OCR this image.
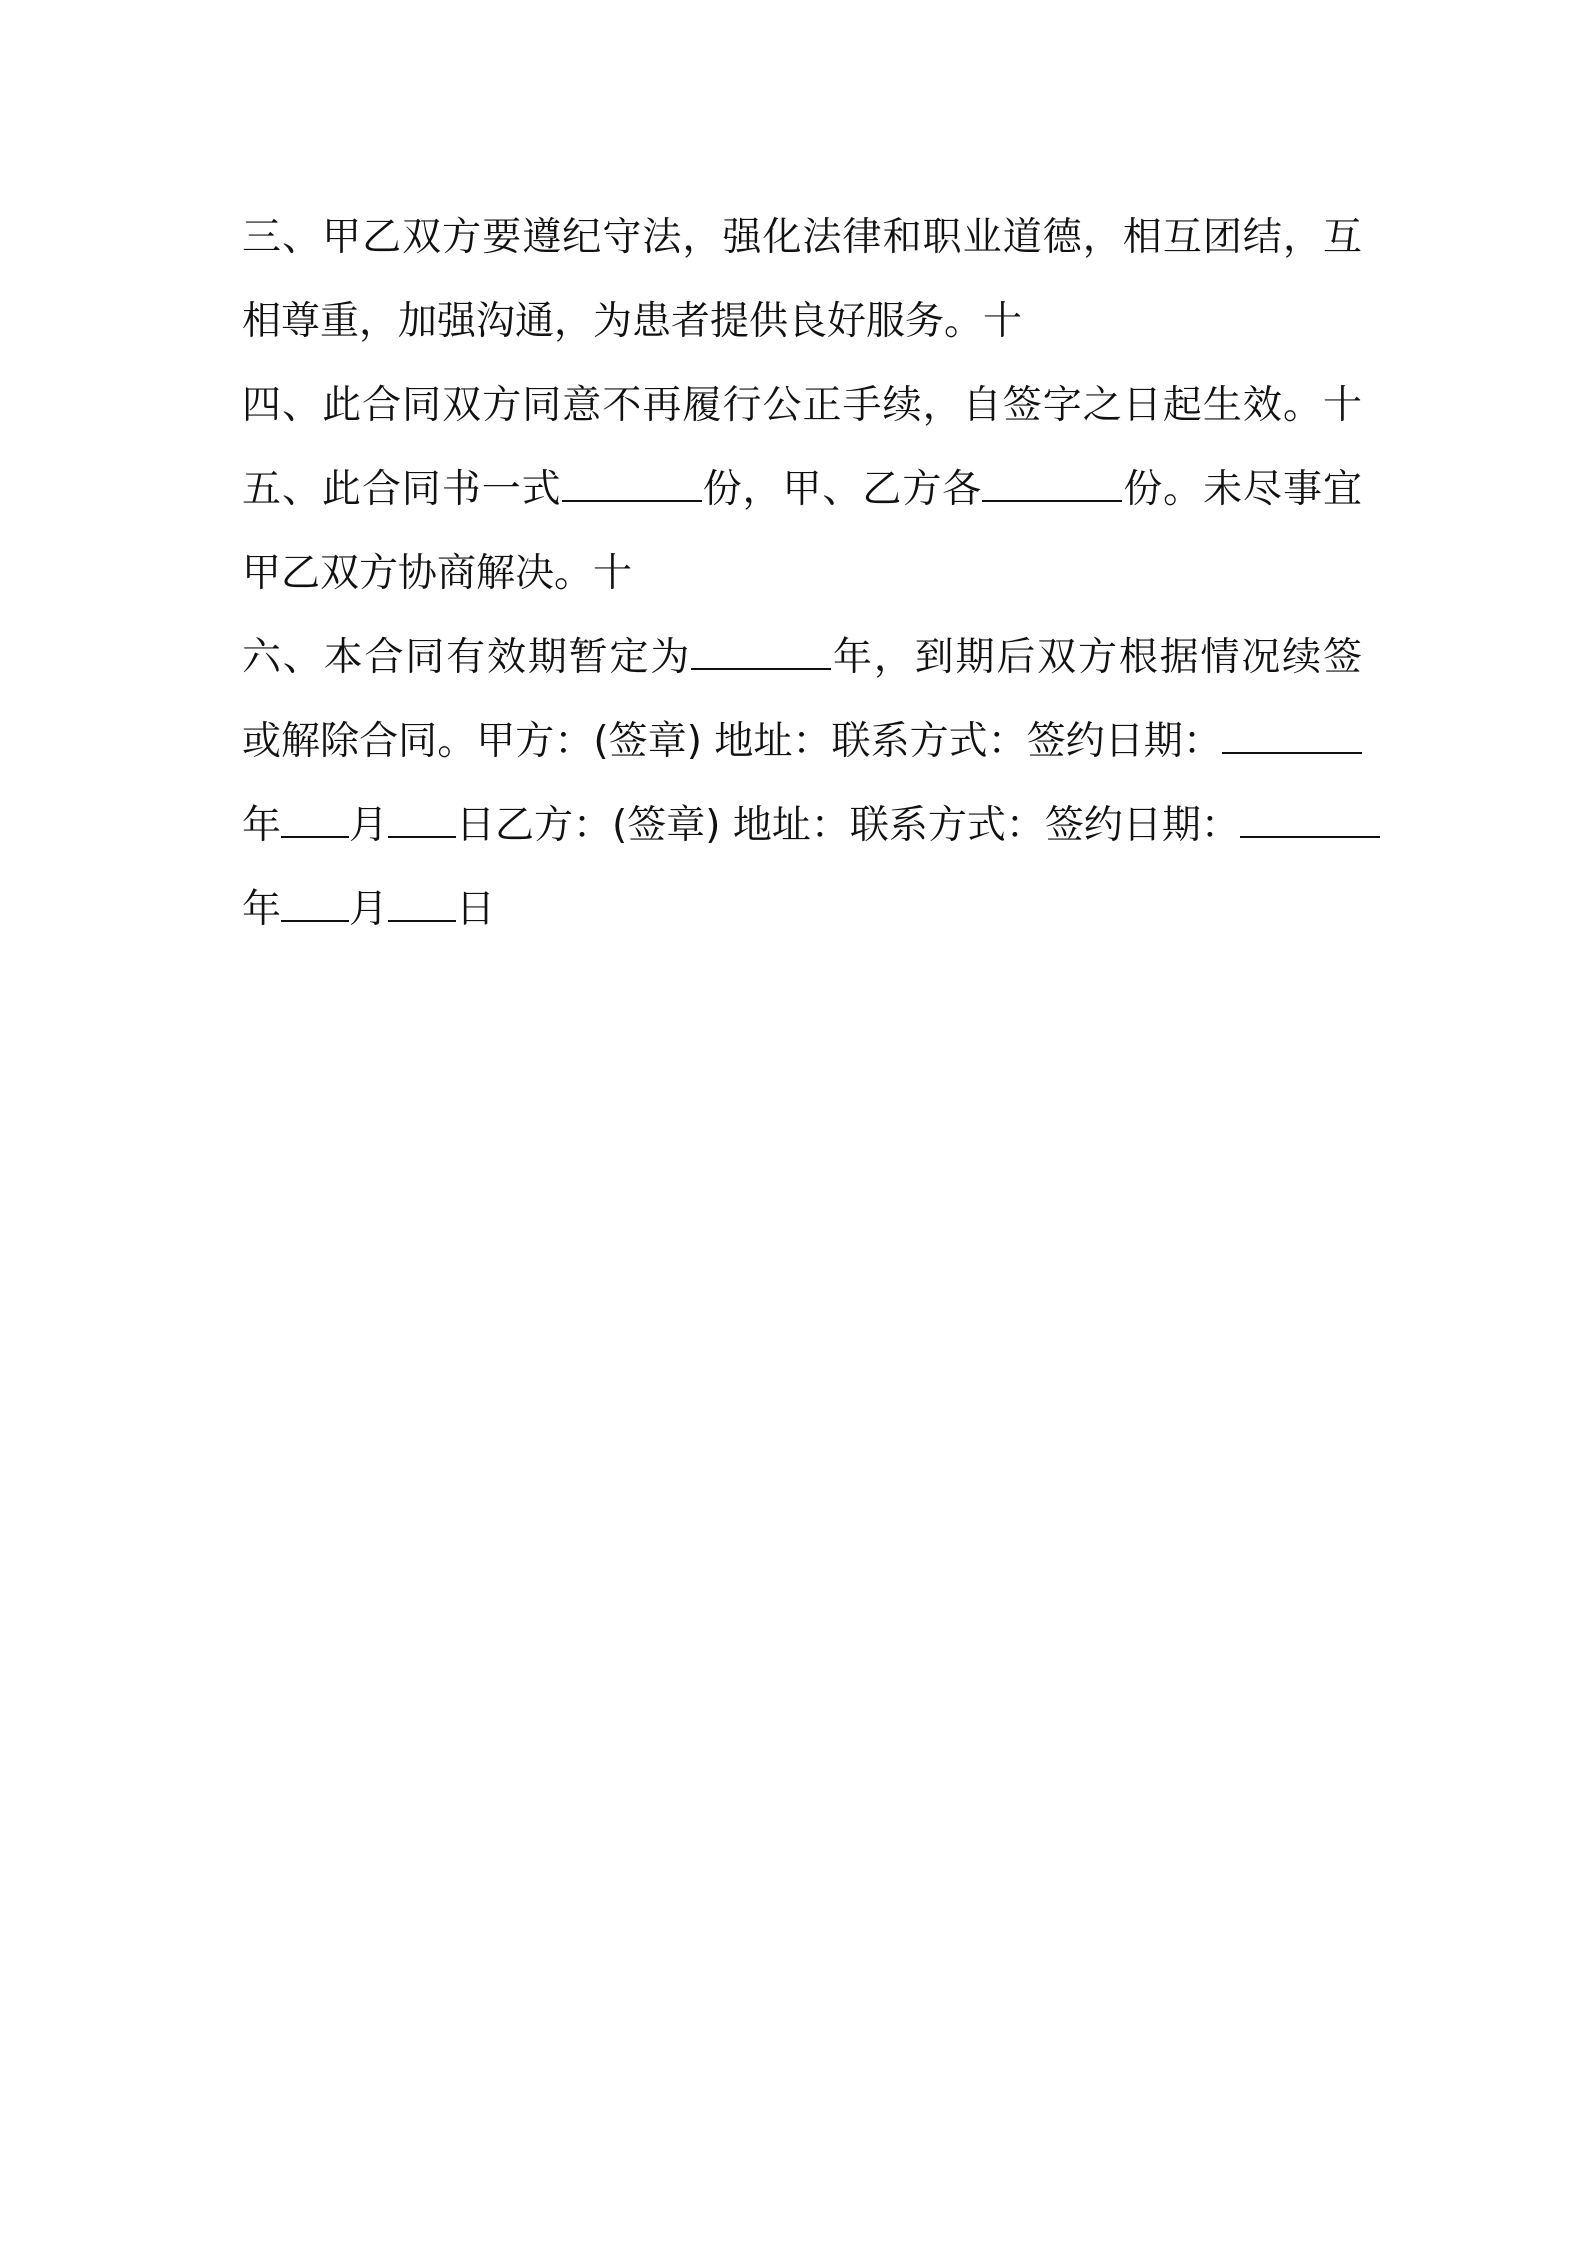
三、甲乙双方要遵纪守法，强化法律和职业道德，相互团结，互
相尊重，加强沟通，为患者提供良好服务。十
四、此合同双方同意不再履行公正手续，自签字之日起生效。十
五、此合同书一式	份，甲、乙方各	份。未尽事宜
甲乙双方协商解决。十
六、本合同有效期暂定为	年，到期后双方根据情况续签
或解除合同。甲方：(签章) 地址：联系方式：签约日期：
年 月 日乙方：(签章) 地址：联系方式：签约日期：
年 月 日
